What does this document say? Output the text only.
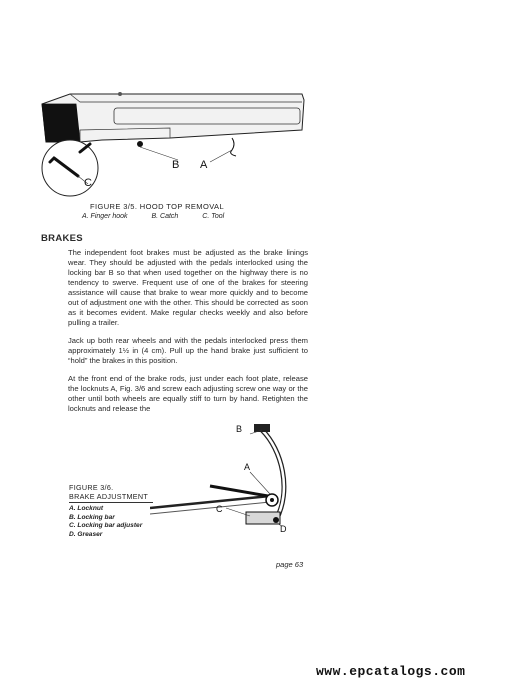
B A
C
FIGURE 3/5. HOOD TOP REMOVAL
A. Finger hook	B. Catch	C. Tool
BRAKES
The independent foot brakes must be adjusted as the brake linings wear. They should be adjusted with the pedals interlocked using the locking bar B so that when used together on the highway there is no tendency to swerve. Frequent use of one of the brakes for steering assistance will cause that brake to wear more quickly and to become out of adjustment one with the other. This should be corrected as soon as it becomes evident. Make regular checks weekly and also before pulling a trailer.
Jack up both rear wheels and with the pedals interlocked press them approximately 1½ in (4 cm). Pull up the hand brake just sufficient to “hold” the brakes in this position.
At the front end of the brake rods, just under each foot plate, release the locknuts A, Fig. 3/6 and screw each adjusting screw one way or the other until both wheels are equally stiff to turn by hand. Retighten the locknuts and release the
B
A
C
D
FIGURE 3/6.
BRAKE ADJUSTMENT
A. Locknut
B. Locking bar
C. Locking bar adjuster
D. Greaser
page 63
www.epcatalogs.com
